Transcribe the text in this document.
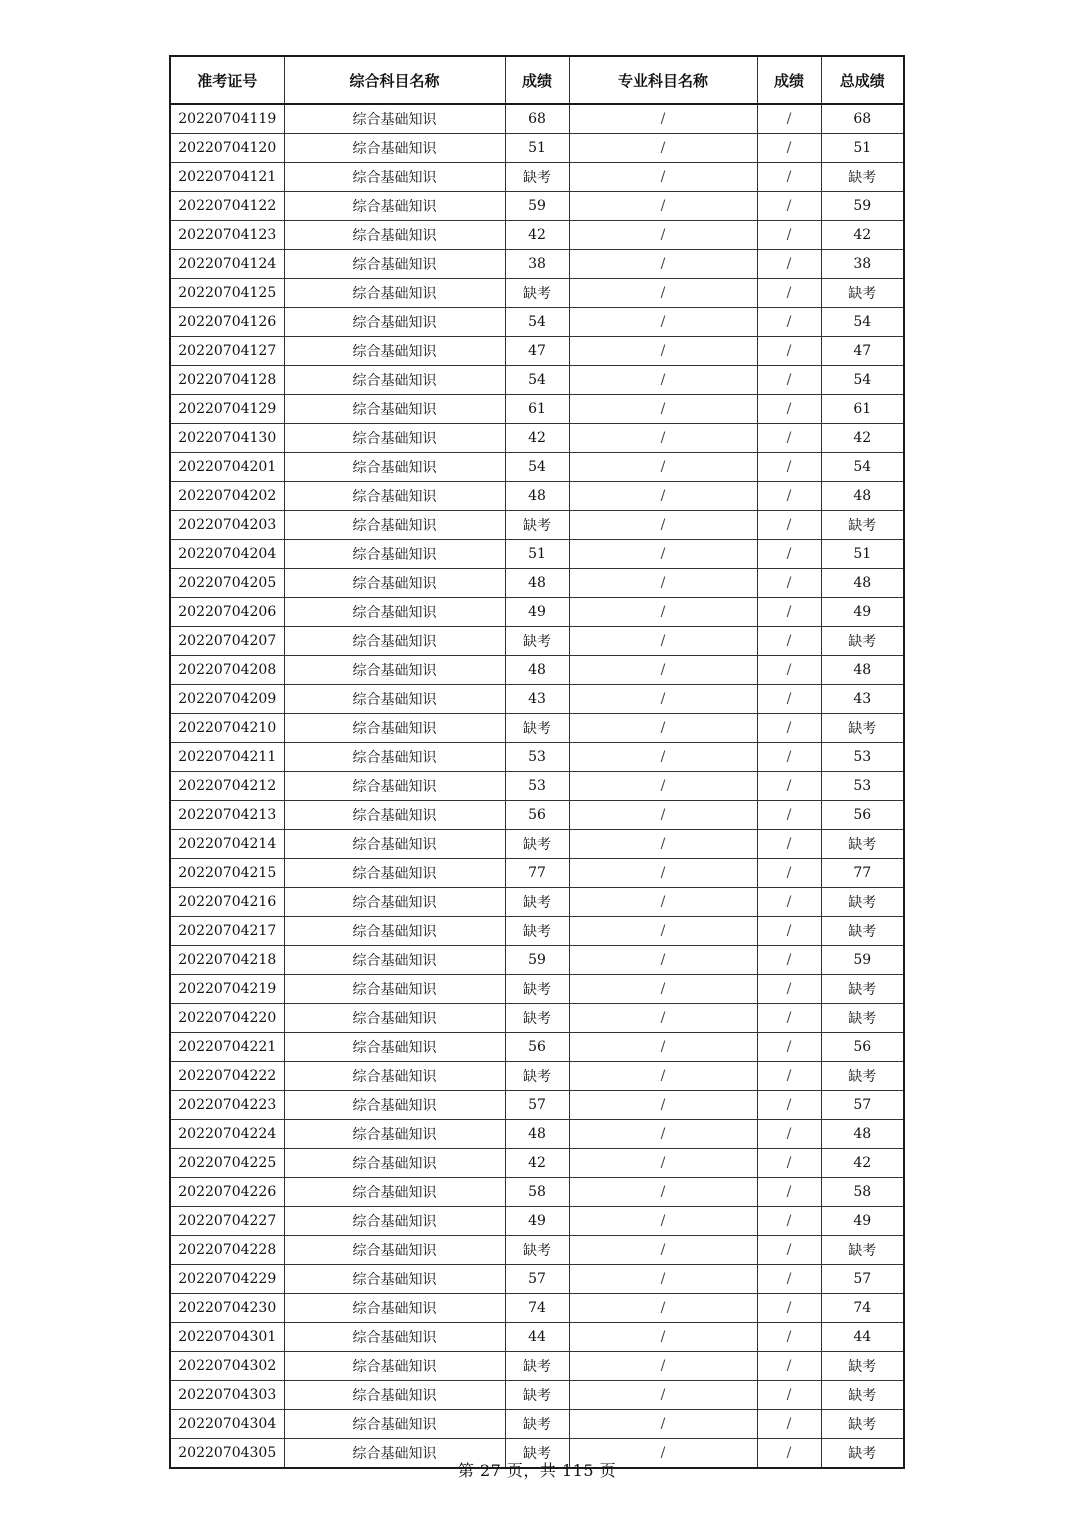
准考证号	综合科目名称	成绩	专业科目名称	成绩	总成绩
20220704119	综合基础知识	68	/	/	68
20220704120	综合基础知识	51	/	/	51
20220704121	综合基础知识	缺考	/	/	缺考
20220704122	综合基础知识	59	/	/	59
20220704123	综合基础知识	42	/	/	42
20220704124	综合基础知识	38	/	/	38
20220704125	综合基础知识	缺考	/	/	缺考
20220704126	综合基础知识	54	/	/	54
20220704127	综合基础知识	47	/	/	47
20220704128	综合基础知识	54	/	/	54
20220704129	综合基础知识	61	/	/	61
20220704130	综合基础知识	42	/	/	42
20220704201	综合基础知识	54	/	/	54
20220704202	综合基础知识	48	/	/	48
20220704203	综合基础知识	缺考	/	/	缺考
20220704204	综合基础知识	51	/	/	51
20220704205	综合基础知识	48	/	/	48
20220704206	综合基础知识	49	/	/	49
20220704207	综合基础知识	缺考	/	/	缺考
20220704208	综合基础知识	48	/	/	48
20220704209	综合基础知识	43	/	/	43
20220704210	综合基础知识	缺考	/	/	缺考
20220704211	综合基础知识	53	/	/	53
20220704212	综合基础知识	53	/	/	53
20220704213	综合基础知识	56	/	/	56
20220704214	综合基础知识	缺考	/	/	缺考
20220704215	综合基础知识	77	/	/	77
20220704216	综合基础知识	缺考	/	/	缺考
20220704217	综合基础知识	缺考	/	/	缺考
20220704218	综合基础知识	59	/	/	59
20220704219	综合基础知识	缺考	/	/	缺考
20220704220	综合基础知识	缺考	/	/	缺考
20220704221	综合基础知识	56	/	/	56
20220704222	综合基础知识	缺考	/	/	缺考
20220704223	综合基础知识	57	/	/	57
20220704224	综合基础知识	48	/	/	48
20220704225	综合基础知识	42	/	/	42
20220704226	综合基础知识	58	/	/	58
20220704227	综合基础知识	49	/	/	49
20220704228	综合基础知识	缺考	/	/	缺考
20220704229	综合基础知识	57	/	/	57
20220704230	综合基础知识	74	/	/	74
20220704301	综合基础知识	44	/	/	44
20220704302	综合基础知识	缺考	/	/	缺考
20220704303	综合基础知识	缺考	/	/	缺考
20220704304	综合基础知识	缺考	/	/	缺考
20220704305	综合基础知识	缺考	/	/	缺考
第 27 页，共 115 页
